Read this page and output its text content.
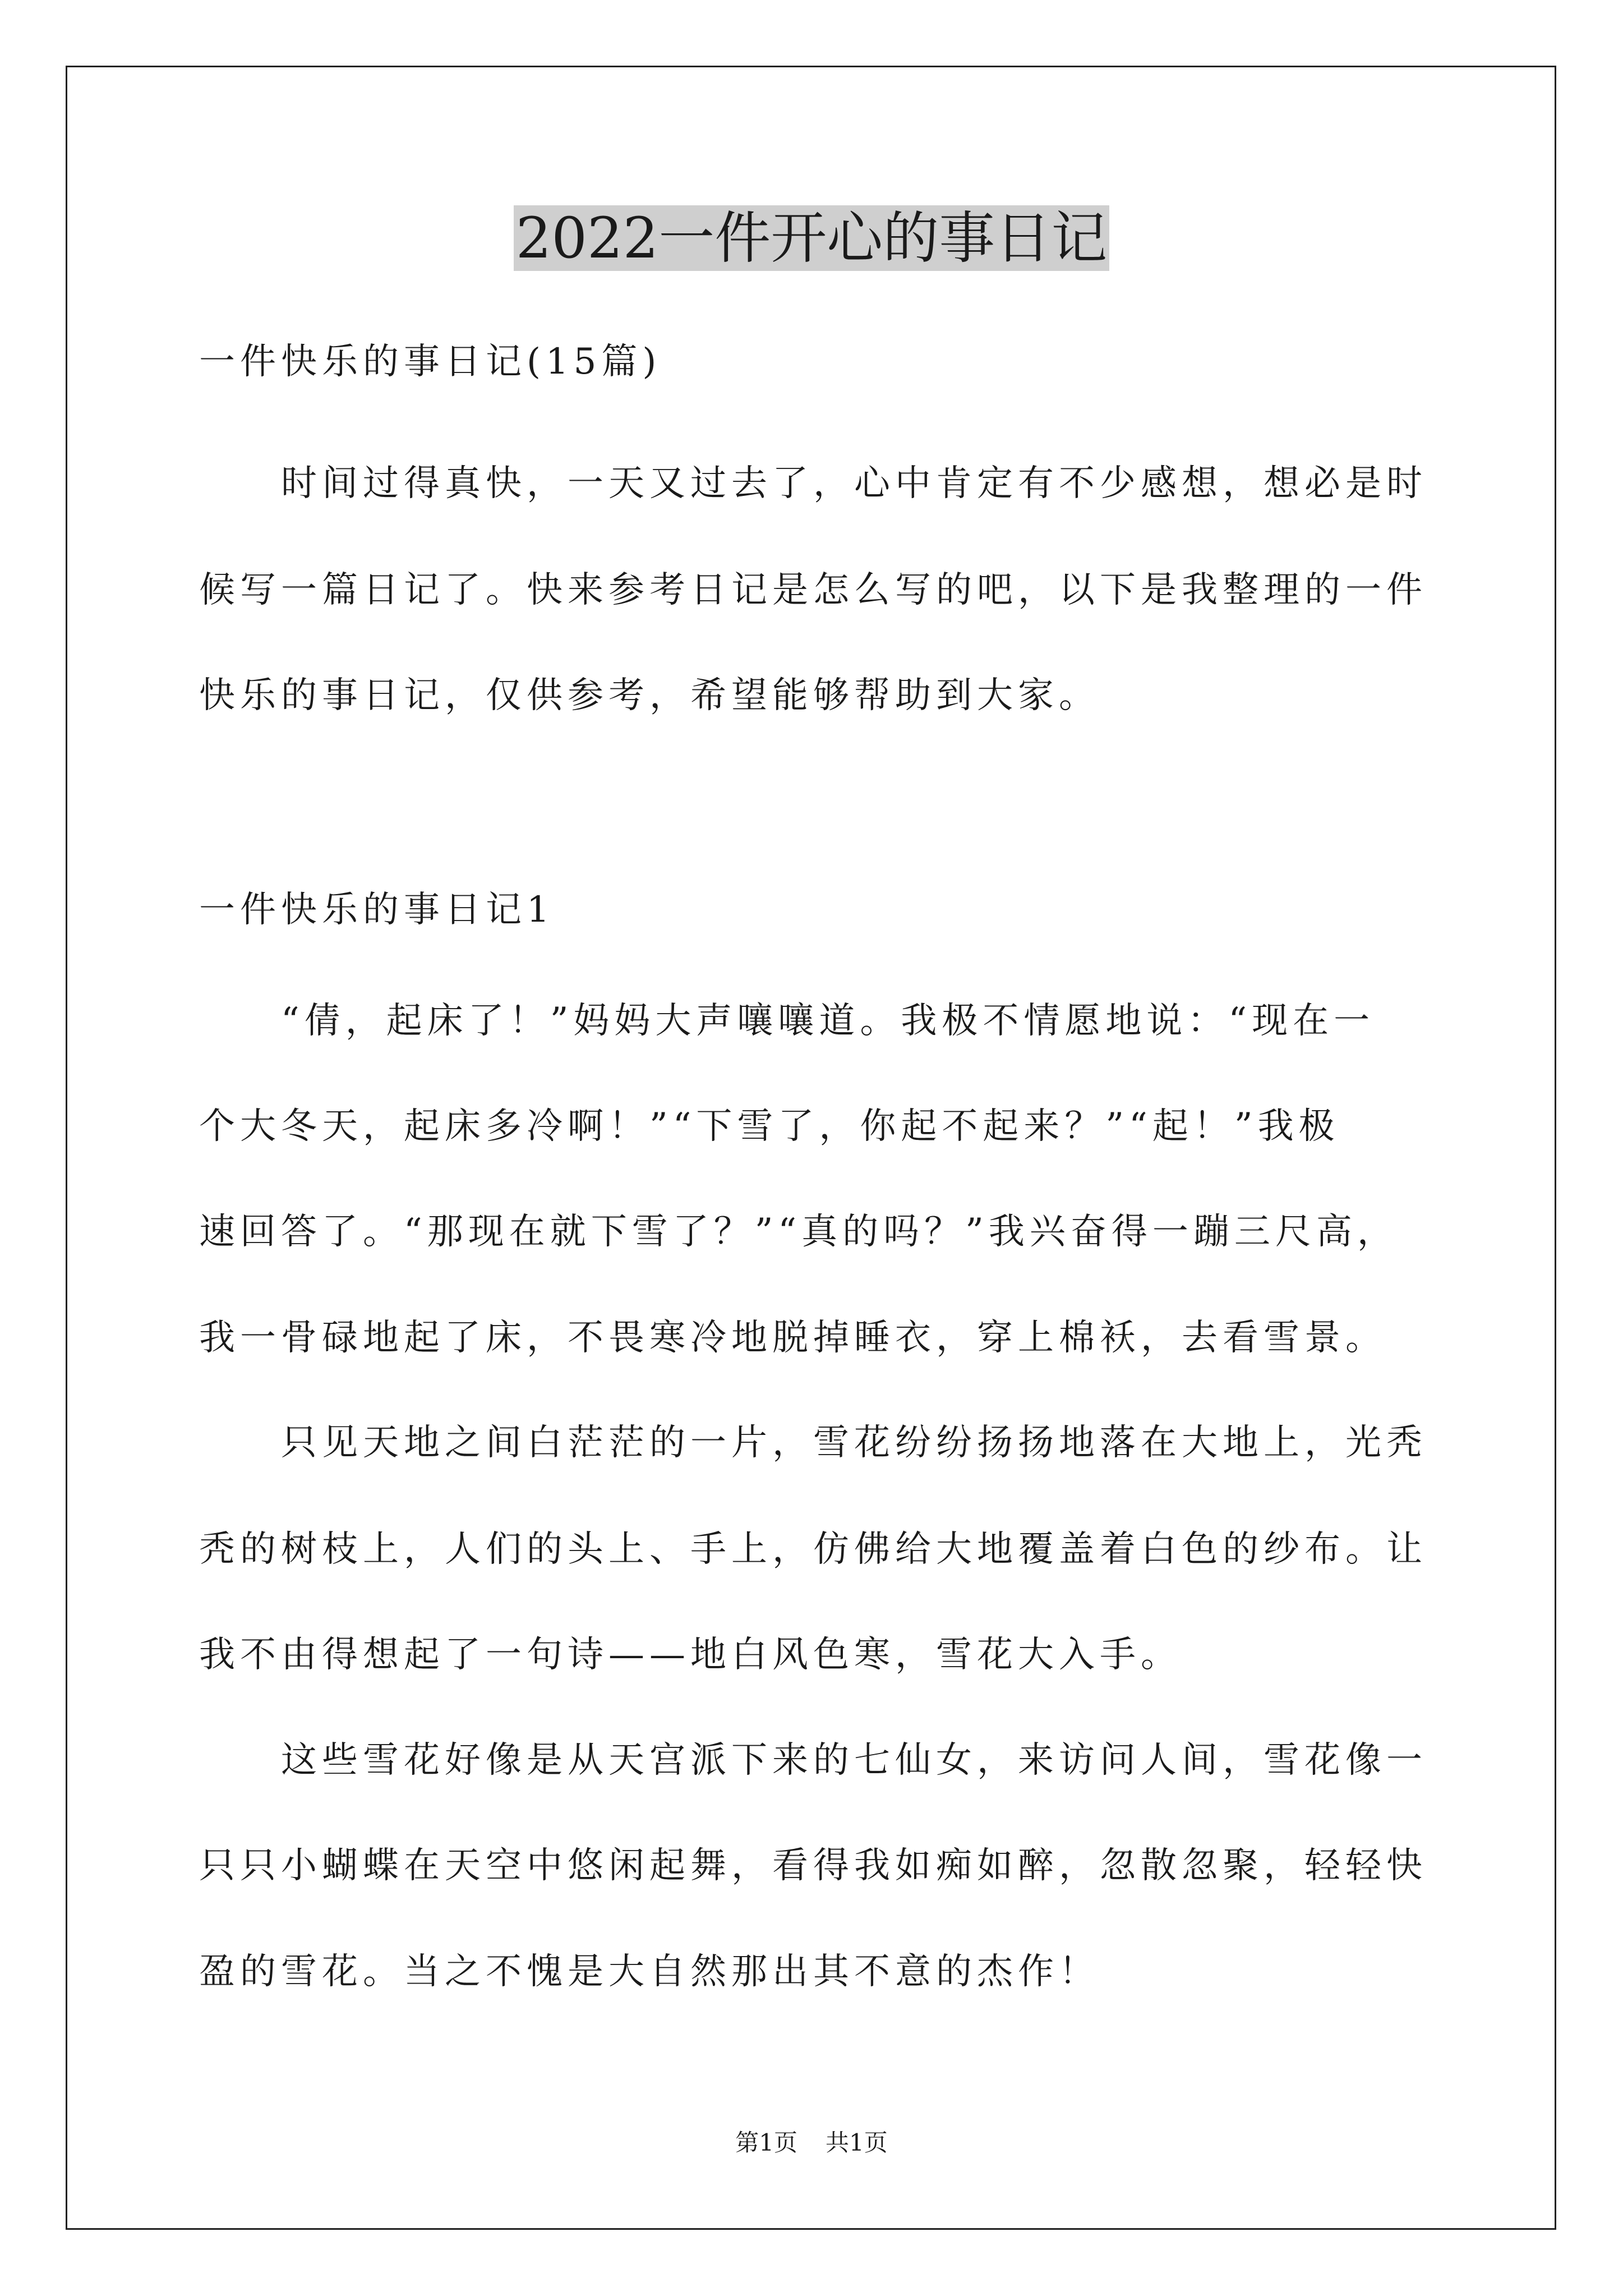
2022一件开心的事日记
一件快乐的事日记(15篇)
　　时间过得真快，一天又过去了，心中肯定有不少感想，想必是时
候写一篇日记了。快来参考日记是怎么写的吧，以下是我整理的一件
快乐的事日记，仅供参考，希望能够帮助到大家。
一件快乐的事日记1
　　“倩，起床了！”妈妈大声嚷嚷道。我极不情愿地说：“现在一
个大冬天，起床多冷啊！”“下雪了，你起不起来？”“起！”我极
速回答了。“那现在就下雪了？”“真的吗？”我兴奋得一蹦三尺高，
我一骨碌地起了床，不畏寒冷地脱掉睡衣，穿上棉袄，去看雪景。
　　只见天地之间白茫茫的一片，雪花纷纷扬扬地落在大地上，光秃
秃的树枝上，人们的头上、手上，仿佛给大地覆盖着白色的纱布。让
我不由得想起了一句诗——地白风色寒，雪花大入手。
　　这些雪花好像是从天宫派下来的七仙女，来访问人间，雪花像一
只只小蝴蝶在天空中悠闲起舞，看得我如痴如醉，忽散忽聚，轻轻快
盈的雪花。当之不愧是大自然那出其不意的杰作！
第1页 共1页
